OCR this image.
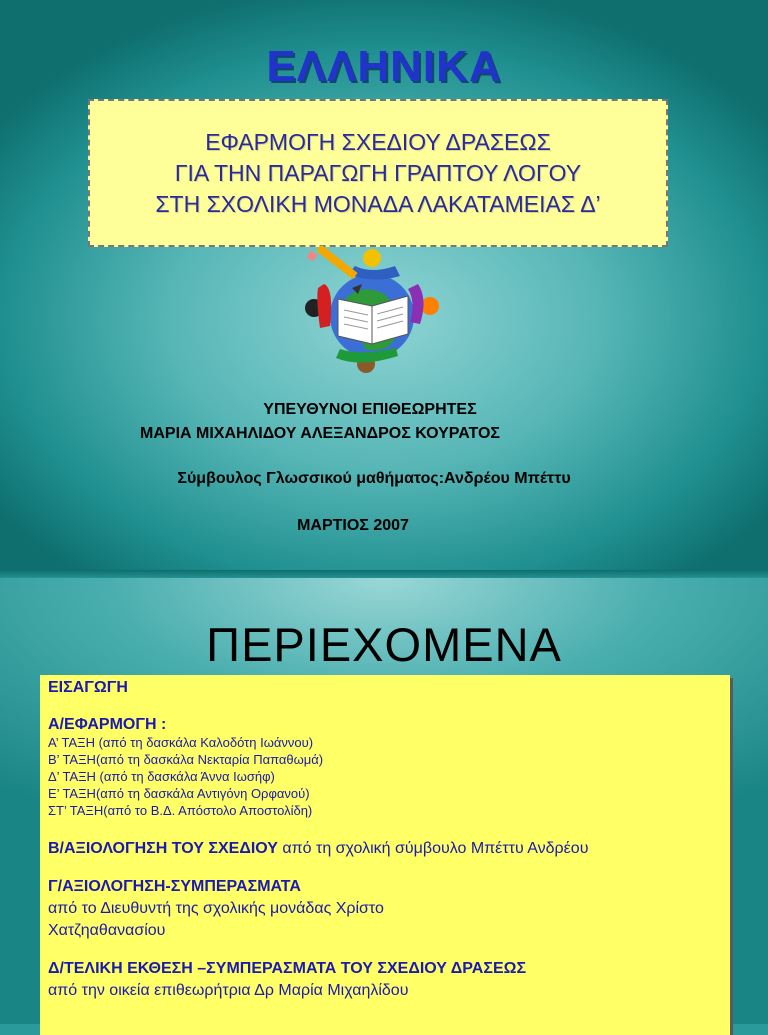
ΕΛΛΗΝΙΚΑ
ΕΦΑΡΜΟΓΗ ΣΧΕΔΙΟΥ ΔΡΑΣΕΩΣ
ΓΙΑ ΤΗΝ ΠΑΡΑΓΩΓΗ ΓΡΑΠΤΟΥ ΛΟΓΟΥ
ΣΤΗ ΣΧΟΛΙΚΗ ΜΟΝΑΔΑ ΛΑΚΑΤΑΜΕΙΑΣ Δ’
ΥΠΕΥΘΥΝΟΙ ΕΠΙΘΕΩΡΗΤΕΣ
ΜΑΡΙΑ ΜΙΧΑΗΛΙΔΟΥ ΑΛΕΞΑΝΔΡΟΣ ΚΟΥΡΑΤΟΣ
Σύμβουλος Γλωσσικού μαθήματος:Ανδρέου Μπέττυ
ΜΑΡΤΙΟΣ 2007
ΠΕΡΙΕΧΟΜΕΝΑ
ΕΙΣΑΓΩΓΗ
Α/ΕΦΑΡΜΟΓΗ :
Α’ ΤΑΞΗ (από τη δασκάλα Καλοδότη Ιωάννου)
Β’ ΤΑΞΗ(από τη δασκάλα Νεκταρία Παπαθωμά)
Δ’ ΤΑΞΗ (από τη δασκάλα Άννα Ιωσήφ)
Ε’ ΤΑΞΗ(από τη δασκάλα Αντιγόνη Ορφανού)
ΣΤ’ ΤΑΞΗ(από το Β.Δ. Απόστολο Αποστολίδη)
Β/ΑΞΙΟΛΟΓΗΣΗ ΤΟΥ ΣΧΕΔΙΟΥ από τη σχολική σύμβουλο Μπέττυ Ανδρέου
Γ/ΑΞΙΟΛΟΓΗΣΗ-ΣΥΜΠΕΡΑΣΜΑΤΑ
από το Διευθυντή της σχολικής μονάδας Χρίστο
Χατζηαθανασίου
Δ/ΤΕΛΙΚΗ ΕΚΘΕΣΗ –ΣΥΜΠΕΡΑΣΜΑΤΑ ΤΟΥ ΣΧΕΔΙΟΥ ΔΡΑΣΕΩΣ
από την οικεία επιθεωρήτρια Δρ Μαρία Μιχαηλίδου
